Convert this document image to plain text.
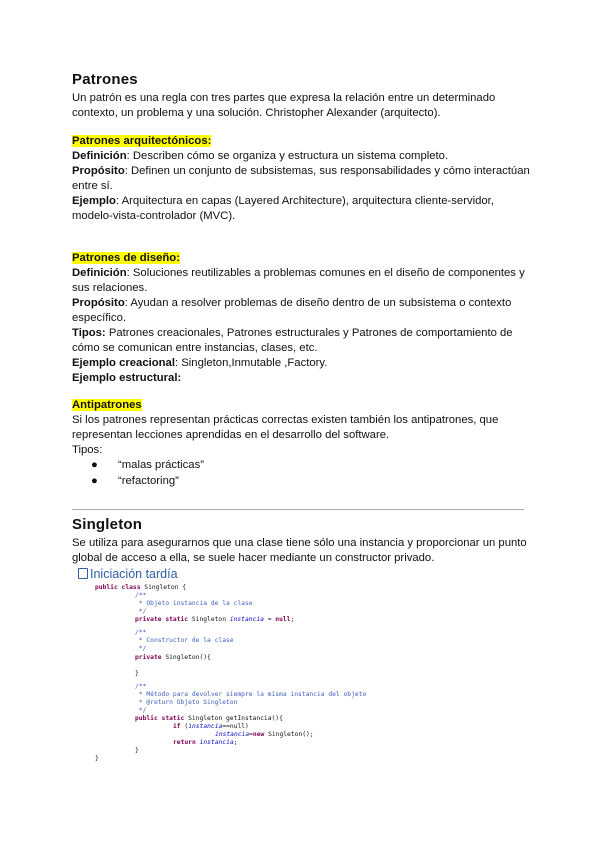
Patrones

Un patrón es una regla con tres partes que expresa la relación entre un determinado

contexto, un problema y una solución. Christopher Alexander (arquitecto).

Patrones arquitectónicos:

Definición: Describen cómo se organiza y estructura un sistema completo.

Propósito: Definen un conjunto de subsistemas, sus responsabilidades y cómo interactúan

entre sí.

Ejemplo: Arquitectura en capas (Layered Architecture), arquitectura cliente-servidor,

modelo-vista-controlador (MVC).

Patrones de diseño:

Definición: Soluciones reutilizables a problemas comunes en el diseño de componentes y

sus relaciones.

Propósito: Ayudan a resolver problemas de diseño dentro de un subsistema o contexto

específico.

Tipos: Patrones creacionales, Patrones estructurales y Patrones de comportamiento de

cómo se comunican entre instancias, clases, etc.

Ejemplo creacional: Singleton,Inmutable ,Factory.

Ejemplo estructural:

Antipatrones

Si los patrones representan prácticas correctas existen también los antipatrones, que

representan lecciones aprendidas en el desarrollo del software.

Tipos:

● “malas prácticas”
● “refactoring”
Singleton

Se utiliza para asegurarnos que una clase tiene sólo una instancia y proporcionar un punto

global de acceso a ella, se suele hacer mediante un constructor privado.

Iniciación tardía
public class Singleton {
/**
* Objeto instancia de la clase
*/
private static Singleton instancia = null;
/**
* Constructor de la clase
*/
private Singleton(){
}
/**
* Método para devolver siempre la misma instancia del objeto
* @return Objeto Singleton
*/
public static Singleton getInstancia(){
if (instancia==null)
instancia=new Singleton();
return instancia;
}
}
